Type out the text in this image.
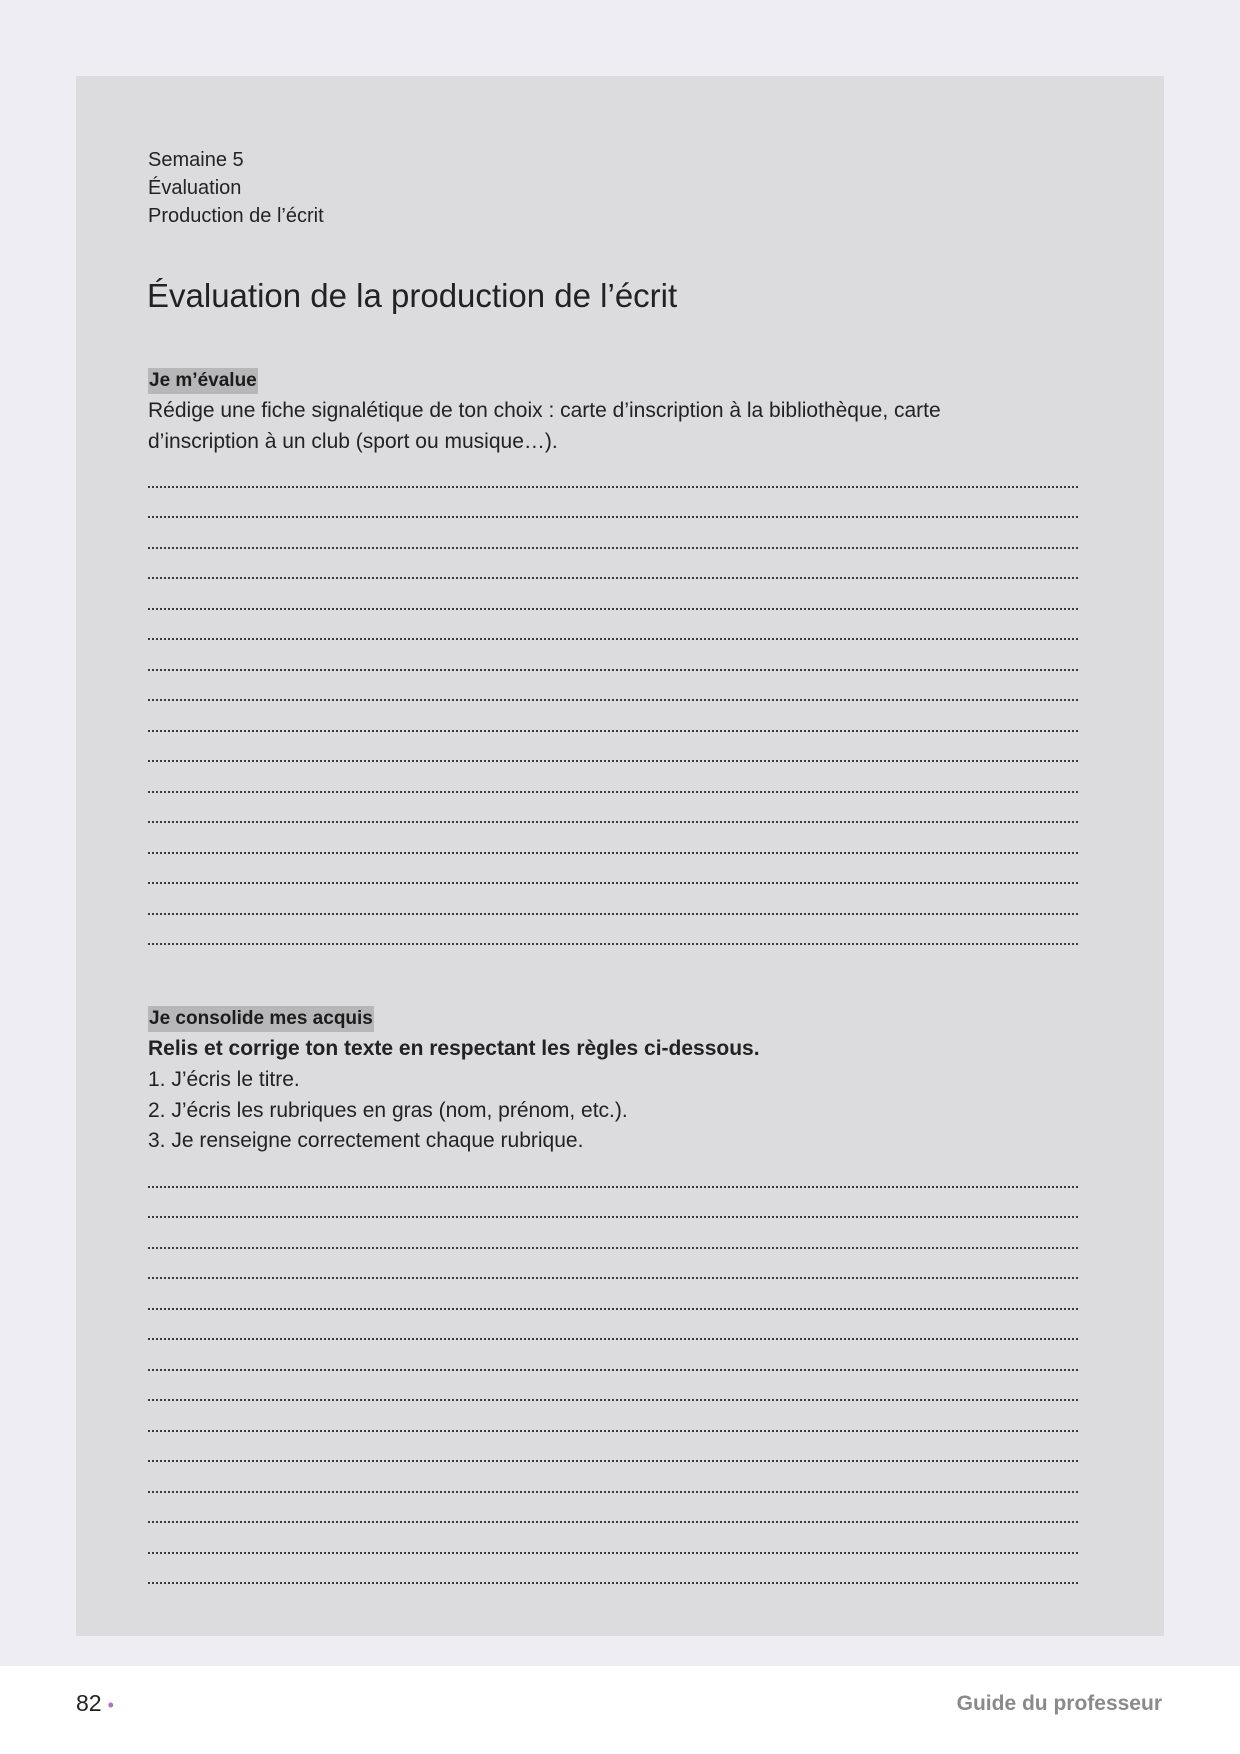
Semaine 5
Évaluation
Production de l’écrit
Évaluation de la production de l’écrit
Je m’évalue
Rédige une fiche signalétique de ton choix : carte d’inscription à la bibliothèque, carte
d’inscription à un club (sport ou musique…).
Je consolide mes acquis
Relis et corrige ton texte en respectant les règles ci-dessous.
1. J’écris le titre.
2. J’écris les rubriques en gras (nom, prénom, etc.).
3. Je renseigne correctement chaque rubrique.
82 •	Guide du professeur
